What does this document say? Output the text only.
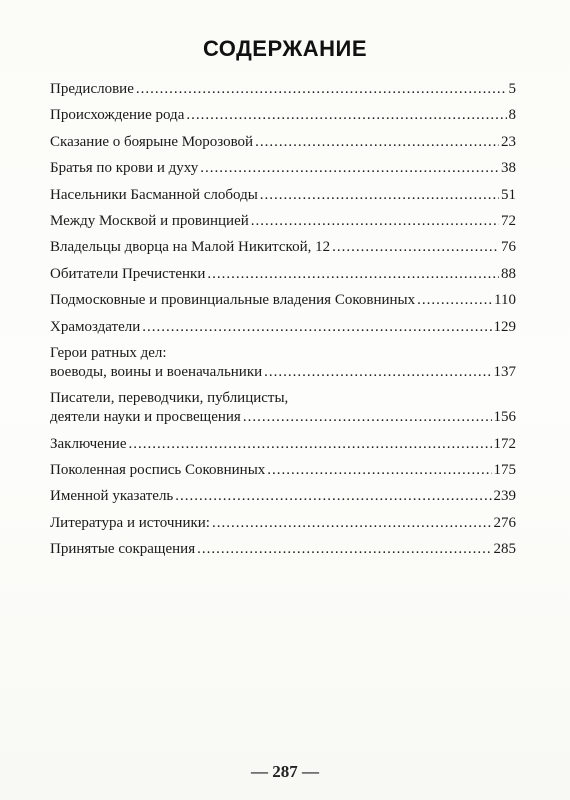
СОДЕРЖАНИЕ
Предисловие .....	5
Происхождение рода .....	8
Сказание о боярыне Морозовой .....	23
Братья по крови и духу .....	38
Насельники Басманной слободы .....	51
Между Москвой и провинцией .....	72
Владельцы дворца на Малой Никитской, 12 .....	76
Обитатели Пречистенки .....	88
Подмосковные и провинциальные владения Соковниных .....	110
Храмоздатели .....	129
Герои ратных дел:
воеводы, воины и военачальники .....	137
Писатели, переводчики, публицисты,
деятели науки и просвещения .....	156
Заключение .....	172
Поколенная роспись Соковниных .....	175
Именной указатель .....	239
Литература и источники: .....	276
Принятые сокращения .....	285
— 287 —
